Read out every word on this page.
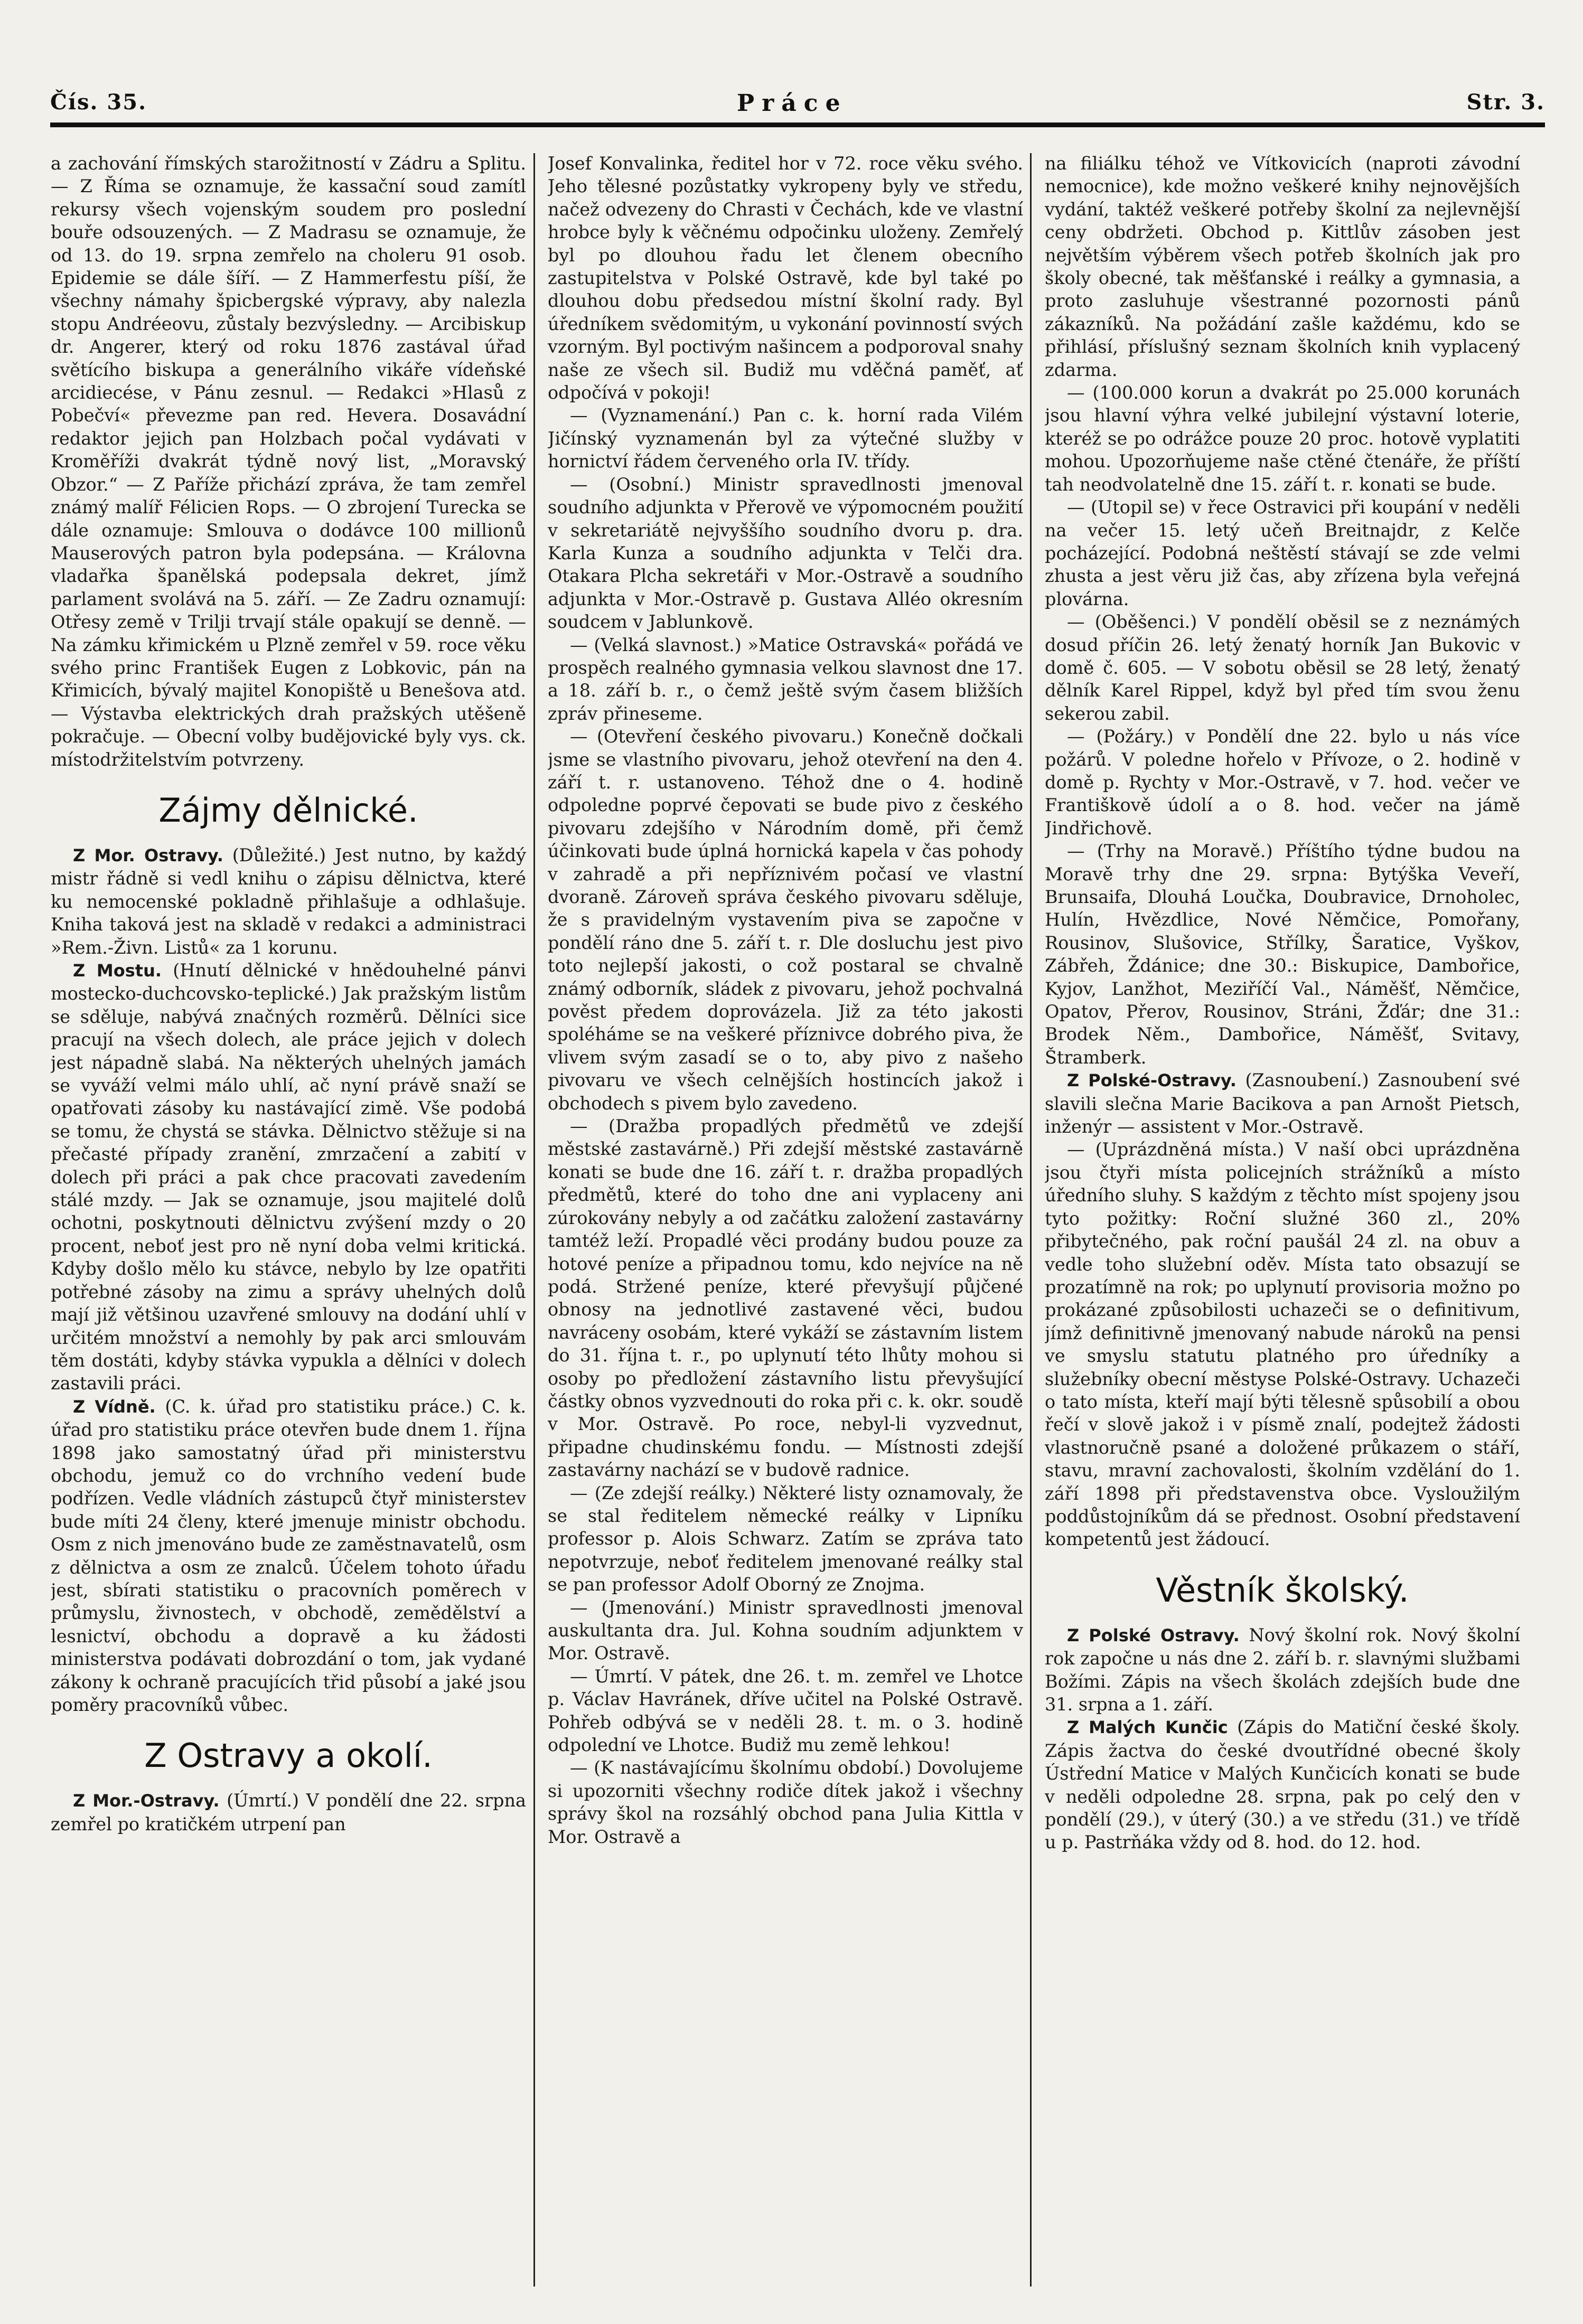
Čís. 35.	Práce	Str. 3.

a zachování římských starožitností v Zádru a Splitu. — Z Říma se oznamuje, že kassační soud zamítl rekursy všech vojenským soudem pro poslední bouře odsouzených. — Z Madrasu se oznamuje, že od 13. do 19. srpna zemřelo na choleru 91 osob. Epidemie se dále šíří. — Z Hammerfestu píší, že všechny námahy špicbergské výpravy, aby nalezla stopu Andréeovu, zůstaly bezvýsledny. — Arcibiskup dr. Angerer, který od roku 1876 zastával úřad světícího biskupa a generálního vikáře vídeňské arcidiecése, v Pánu zesnul. — Redakci »Hlasů z Pobečví« převezme pan red. Hevera. Dosavádní redaktor jejich pan Holzbach počal vydávati v Kroměříži dvakrát týdně nový list, „Moravský Obzor.“ — Z Paříže přichází zpráva, že tam zemřel známý malíř Félicien Rops. — O zbrojení Turecka se dále oznamuje: Smlouva o dodávce 100 millionů Mauserových patron byla podepsána. — Královna vladařka španělská podepsala dekret, jímž parlament svolává na 5. září. — Ze Zadru oznamují: Otřesy země v Trilji trvají stále opakují se denně. — Na zámku křimickém u Plzně zemřel v 59. roce věku svého princ František Eugen z Lobkovic, pán na Křimicích, bývalý majitel Konopiště u Benešova atd. — Výstavba elektrických drah pražských utěšeně pokračuje. — Obecní volby budějovické byly vys. ck. místodržitelstvím potvrzeny.

Zájmy dělnické.

Z Mor. Ostravy. (Důležité.) Jest nutno, by každý mistr řádně si vedl knihu o zápisu dělnictva, které ku nemocenské pokladně přihlašuje a odhlašuje. Kniha taková jest na skladě v redakci a administraci »Rem.-Živn. Listů« za 1 korunu.

Z Mostu. (Hnutí dělnické v hnědouhelné pánvi mostecko-duchcovsko-teplické.) Jak pražským listům se sděluje, nabývá značných rozměrů. Dělníci sice pracují na všech dolech, ale práce jejich v dolech jest nápadně slabá. Na některých uhelných jamách se vyváží velmi málo uhlí, ač nyní právě snaží se opatřovati zásoby ku nastávající zimě. Vše podobá se tomu, že chystá se stávka. Dělnictvo stěžuje si na přečasté případy zranění, zmrzačení a zabití v dolech při práci a pak chce pracovati zavedením stálé mzdy. — Jak se oznamuje, jsou majitelé dolů ochotni, poskytnouti dělnictvu zvýšení mzdy o 20 procent, neboť jest pro ně nyní doba velmi kritická. Kdyby došlo mělo ku stávce, nebylo by lze opatřiti potřebné zásoby na zimu a správy uhelných dolů mají již většinou uzavřené smlouvy na dodání uhlí v určitém množství a nemohly by pak arci smlouvám těm dostáti, kdyby stávka vypukla a dělníci v dolech zastavili práci.

Z Vídně. (C. k. úřad pro statistiku práce.) C. k. úřad pro statistiku práce otevřen bude dnem 1. října 1898 jako samostatný úřad při ministerstvu obchodu, jemuž co do vrchního vedení bude podřízen. Vedle vládních zástupců čtyř ministerstev bude míti 24 členy, které jmenuje ministr obchodu. Osm z nich jmenováno bude ze zaměstnavatelů, osm z dělnictva a osm ze znalců. Účelem tohoto úřadu jest, sbírati statistiku o pracovních poměrech v průmyslu, živnostech, v obchodě, zemědělství a lesnictví, obchodu a dopravě a ku žádosti ministerstva podávati dobrozdání o tom, jak vydané zákony k ochraně pracujících třid působí a jaké jsou poměry pracovníků vůbec.

Z Ostravy a okolí.

Z Mor.-Ostravy. (Úmrtí.) V pondělí dne 22. srpna zemřel po kratičkém utrpení pan

Josef Konvalinka, ředitel hor v 72. roce věku svého. Jeho tělesné pozůstatky vykropeny byly ve středu, načež odvezeny do Chrasti v Čechách, kde ve vlastní hrobce byly k věčnému odpočinku uloženy. Zemřelý byl po dlouhou řadu let členem obecního zastupitelstva v Polské Ostravě, kde byl také po dlouhou dobu předsedou místní školní rady. Byl úředníkem svědomitým, u vykonání povinností svých vzorným. Byl poctivým našincem a podporoval snahy naše ze všech sil. Budiž mu vděčná paměť, ať odpočívá v pokoji!

— (Vyznamenání.) Pan c. k. horní rada Vilém Jičínský vyznamenán byl za výtečné služby v hornictví řádem červeného orla IV. třídy.

— (Osobní.) Ministr spravedlnosti jmenoval soudního adjunkta v Přerově ve výpomocném použití v sekretariátě nejvyššího soudního dvoru p. dra. Karla Kunza a soudního adjunkta v Telči dra. Otakara Plcha sekretáři v Mor.-Ostravě a soudního adjunkta v Mor.-Ostravě p. Gustava Alléo okresním soudcem v Jablunkově.

— (Velká slavnost.) »Matice Ostravská« pořádá ve prospěch realného gymnasia velkou slavnost dne 17. a 18. září b. r., o čemž ještě svým časem bližších zpráv přineseme.

— (Otevření českého pivovaru.) Konečně dočkali jsme se vlastního pivovaru, jehož otevření na den 4. září t. r. ustanoveno. Téhož dne o 4. hodině odpoledne poprvé čepovati se bude pivo z českého pivovaru zdejšího v Národním domě, při čemž účinkovati bude úplná hornická kapela v čas pohody v zahradě a při nepříznivém počasí ve vlastní dvoraně. Zároveň správa českého pivovaru sděluje, že s pravidelným vystavením piva se započne v pondělí ráno dne 5. září t. r. Dle dosluchu jest pivo toto nejlepší jakosti, o což postaral se chvalně známý odborník, sládek z pivovaru, jehož pochvalná pověst předem doprovázela. Již za této jakosti spoléháme se na veškeré příznivce dobrého piva, že vlivem svým zasadí se o to, aby pivo z našeho pivovaru ve všech celnějších hostincích jakož i obchodech s pivem bylo zavedeno.

— (Dražba propadlých předmětů ve zdejší městské zastavárně.) Při zdejší městské zastavárně konati se bude dne 16. září t. r. dražba propadlých předmětů, které do toho dne ani vyplaceny ani zúrokovány nebyly a od začátku založení zastavárny tamtéž leží. Propadlé věci prodány budou pouze za hotové peníze a připadnou tomu, kdo nejvíce na ně podá. Stržené peníze, které převyšují půjčené obnosy na jednotlivé zastavené věci, budou navráceny osobám, které vykáží se zástavním listem do 31. října t. r., po uplynutí této lhůty mohou si osoby po předložení zástavního listu převyšující částky obnos vyzvednouti do roka při c. k. okr. soudě v Mor. Ostravě. Po roce, nebyl-li vyzvednut, připadne chudinskému fondu. — Místnosti zdejší zastavárny nachází se v budově radnice.

— (Ze zdejší reálky.) Některé listy oznamovaly, že se stal ředitelem německé reálky v Lipníku professor p. Alois Schwarz. Zatím se zpráva tato nepotvrzuje, neboť ředitelem jmenované reálky stal se pan professor Adolf Oborný ze Znojma.

— (Jmenování.) Ministr spravedlnosti jmenoval auskultanta dra. Jul. Kohna soudním adjunktem v Mor. Ostravě.

— Úmrtí. V pátek, dne 26. t. m. zemřel ve Lhotce p. Václav Havránek, dříve učitel na Polské Ostravě. Pohřeb odbývá se v neděli 28. t. m. o 3. hodině odpolední ve Lhotce. Budiž mu země lehkou!

— (K nastávajícímu školnímu období.) Dovolujeme si upozorniti všechny rodiče dítek jakož i všechny správy škol na rozsáhlý obchod pana Julia Kittla v Mor. Ostravě a

na filiálku téhož ve Vítkovicích (naproti závodní nemocnice), kde možno veškeré knihy nejnovějších vydání, taktéž veškeré potřeby školní za nejlevnější ceny obdržeti. Obchod p. Kittlův zásoben jest největším výběrem všech potřeb školních jak pro školy obecné, tak měšťanské i reálky a gymnasia, a proto zasluhuje všestranné pozornosti pánů zákazníků. Na požádání zašle každému, kdo se přihlásí, příslušný seznam školních knih vyplacený zdarma.

— (100.000 korun a dvakrát po 25.000 korunách jsou hlavní výhra velké jubilejní výstavní loterie, kteréž se po odrážce pouze 20 proc. hotově vyplatiti mohou. Upozorňujeme naše ctěné čtenáře, že příští tah neodvolatelně dne 15. září t. r. konati se bude.

— (Utopil se) v řece Ostravici při koupání v neděli na večer 15. letý učeň Breitnajdr, z Kelče pocházející. Podobná neštěstí stávají se zde velmi zhusta a jest věru již čas, aby zřízena byla veřejná plovárna.

— (Oběšenci.) V pondělí oběsil se z neznámých dosud příčin 26. letý ženatý horník Jan Bukovic v domě č. 605. — V sobotu oběsil se 28 letý, ženatý dělník Karel Rippel, když byl před tím svou ženu sekerou zabil.

— (Požáry.) v Pondělí dne 22. bylo u nás více požárů. V poledne hořelo v Přívoze, o 2. hodině v domě p. Rychty v Mor.-Ostravě, v 7. hod. večer ve Františkově údolí a o 8. hod. večer na jámě Jindřichově.

— (Trhy na Moravě.) Příštího týdne budou na Moravě trhy dne 29. srpna: Bytýška Veveří, Brunsaifa, Dlouhá Loučka, Doubravice, Drnoholec, Hulín, Hvězdlice, Nové Němčice, Pomořany, Rousinov, Slušovice, Střílky, Šaratice, Vyškov, Zábřeh, Ždánice; dne 30.: Biskupice, Dambořice, Kyjov, Lanžhot, Meziříčí Val., Náměšť, Němčice, Opatov, Přerov, Rousinov, Stráni, Žďár; dne 31.: Brodek Něm., Dambořice, Náměšť, Svitavy, Štramberk.

Z Polské-Ostravy. (Zasnoubení.) Zasnoubení své slavili slečna Marie Bacikova a pan Arnošt Pietsch, inženýr — assistent v Mor.-Ostravě.

— (Uprázdněná místa.) V naší obci uprázdněna jsou čtyři místa policejních strážníků a místo úředního sluhy. S každým z těchto míst spojeny jsou tyto požitky: Roční služné 360 zl., 20% přibytečného, pak roční paušál 24 zl. na obuv a vedle toho služební oděv. Místa tato obsazují se prozatímně na rok; po uplynutí provisoria možno po prokázané způsobilosti uchazeči se o definitivum, jímž definitivně jmenovaný nabude nároků na pensi ve smyslu statutu platného pro úředníky a služebníky obecní městyse Polské-Ostravy. Uchazeči o tato místa, kteří mají býti tělesně spůsobilí a obou řečí v slově jakož i v písmě znalí, podejtež žádosti vlastnoručně psané a doložené průkazem o stáří, stavu, mravní zachovalosti, školním vzdělání do 1. září 1898 při představenstva obce. Vysloužilým poddůstojníkům dá se přednost. Osobní představení kompetentů jest žádoucí.

Věstník školský.

Z Polské Ostravy. Nový školní rok. Nový školní rok započne u nás dne 2. září b. r. slavnými službami Božími. Zápis na všech školách zdejších bude dne 31. srpna a 1. září.

Z Malých Kunčic (Zápis do Matiční české školy. Zápis žactva do české dvoutřídné obecné školy Ústřední Matice v Malých Kunčicích konati se bude v neděli odpoledne 28. srpna, pak po celý den v pondělí (29.), v úterý (30.) a ve středu (31.) ve třídě u p. Pastrňáka vždy od 8. hod. do 12. hod.
